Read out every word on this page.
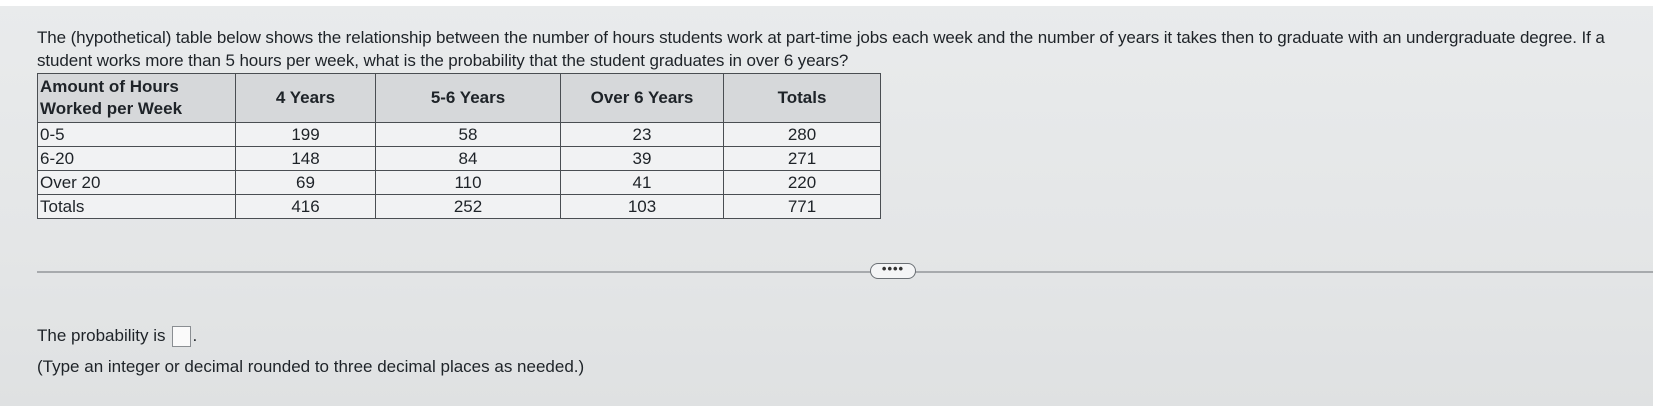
The (hypothetical) table below shows the relationship between the number of hours students work at part-time jobs each week and the number of years it takes then to graduate with an undergraduate degree. If a student works more than 5 hours per week, what is the probability that the student graduates in over 6 years?
Amount of Hours Worked per Week	4 Years	5-6 Years	Over 6 Years	Totals
0-5	199	58	23	280
6-20	148	84	39	271
Over 20	69	110	41	220
Totals	416	252	103	771
••••
The probability is .
(Type an integer or decimal rounded to three decimal places as needed.)
